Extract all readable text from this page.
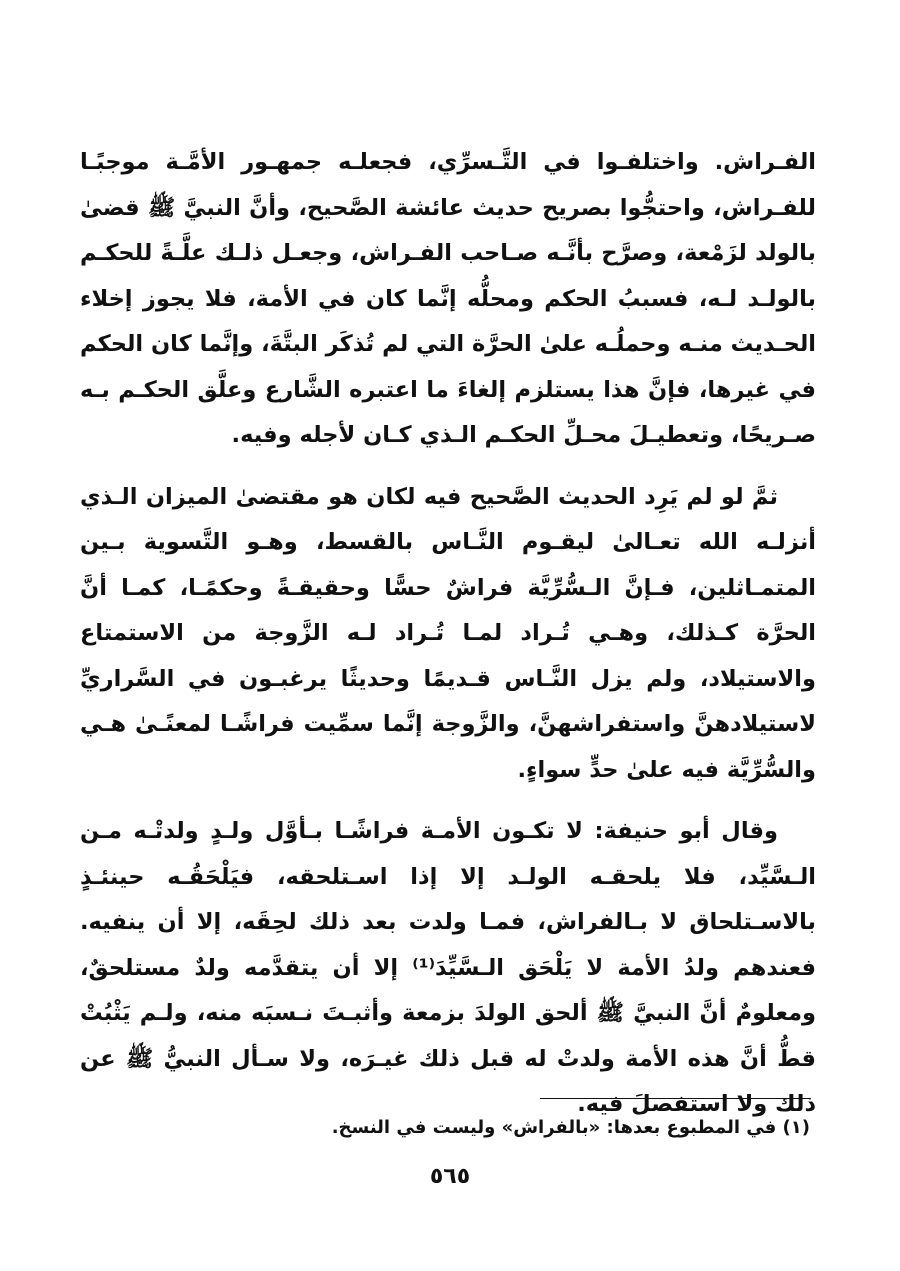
الفـراش. واختلفـوا في التَّـسرِّي، فجعلـه جمهـور الأمَّـة موجبًـا للفـراش، واحتجُّوا بصريح حديث عائشة الصَّحيح، وأنَّ النبيَّ ﷺ قضىٰ بالولد لزَمْعة، وصرَّح بأنَّـه صـاحب الفـراش، وجعـل ذلـك علَّـةً للحكـم بالولـد لـه، فسببُ الحكم ومحلُّه إنَّما كان في الأمة، فلا يجوز إخلاء الحـديث منـه وحملُـه علىٰ الحرَّة التي لم تُذكَر البتَّةَ، وإنَّما كان الحكم في غيرها، فإنَّ هذا يستلزم إلغاءَ ما اعتبره الشَّارع وعلَّق الحكـم بـه صـريحًا، وتعطيـلَ محـلِّ الحكـم الـذي كـان لأجله وفيه.

ثمَّ لو لم يَرِد الحديث الصَّحيح فيه لكان هو مقتضىٰ الميزان الـذي أنزلـه الله تعـالىٰ ليقـوم النَّـاس بالقسط، وهـو التَّسوية بـين المتمـاثلين، فـإنَّ الـسُّرِّيَّة فراشٌ حسًّا وحقيقـةً وحكمًـا، كمـا أنَّ الحرَّة كـذلك، وهـي تُـراد لمـا تُـراد لـه الزَّوجة من الاستمتاع والاستيلاد، ولم يزل النَّـاس قـديمًا وحديثًا يرغبـون في السَّراريِّ لاستيلادهنَّ واستفراشهنَّ، والزَّوجة إنَّما سمِّيت فراشًـا لمعنًـىٰ هـي والسُّرِّيَّة فيه علىٰ حدٍّ سواءٍ.

وقال أبو حنيفة: لا تكـون الأمـة فراشًـا بـأوَّل ولـدٍ ولدتْـه مـن الـسَّيِّد، فلا يلحقـه الولـد إلا إذا اسـتلحقه، فيَلْحَقُـه حينئـذٍ بالاسـتلحاق لا بـالفراش، فمـا ولدت بعد ذلك لحِقَه، إلا أن ينفيه. فعندهم ولدُ الأمة لا يَلْحَق الـسَّيِّدَ⁽¹⁾ إلا أن يتقدَّمه ولدٌ مستلحقٌ، ومعلومٌ أنَّ النبيَّ ﷺ ألحق الولدَ بزمعة وأثبـتَ نـسبَه منه، ولـم يَثْبُتْ قطُّ أنَّ هذه الأمة ولدتْ له قبل ذلك غيـرَه، ولا سـأل النبيُّ ﷺ عن ذلك ولا استفصلَ فيه.

(١) في المطبوع بعدها: «بالفراش» وليست في النسخ.
٥٦٥
